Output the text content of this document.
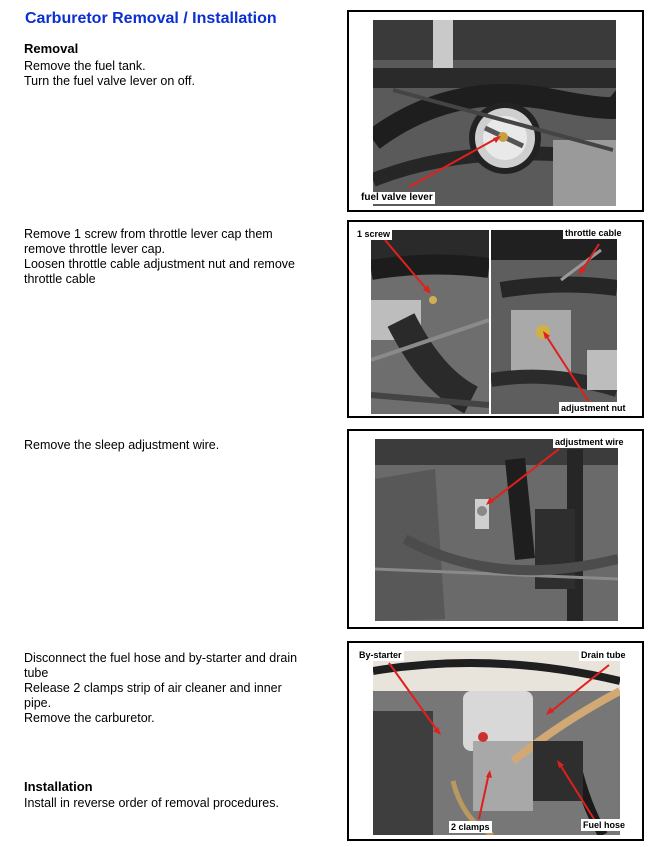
Carburetor Removal / Installation
Removal
Remove the fuel tank.
Turn the fuel valve lever on off.
Remove 1 screw from throttle lever cap them
remove throttle lever cap.
Loosen throttle cable adjustment nut and remove
throttle cable
Remove the sleep adjustment wire.
Disconnect the fuel hose and by-starter and drain
tube
Release 2 clamps strip of air cleaner and inner
pipe.
Remove the carburetor.
Installation
Install in reverse order of removal procedures.
fuel valve lever
1 screw	throttle cable
adjustment nut
adjustment wire
By-starter	Drain tube
2 clamps	Fuel hose
